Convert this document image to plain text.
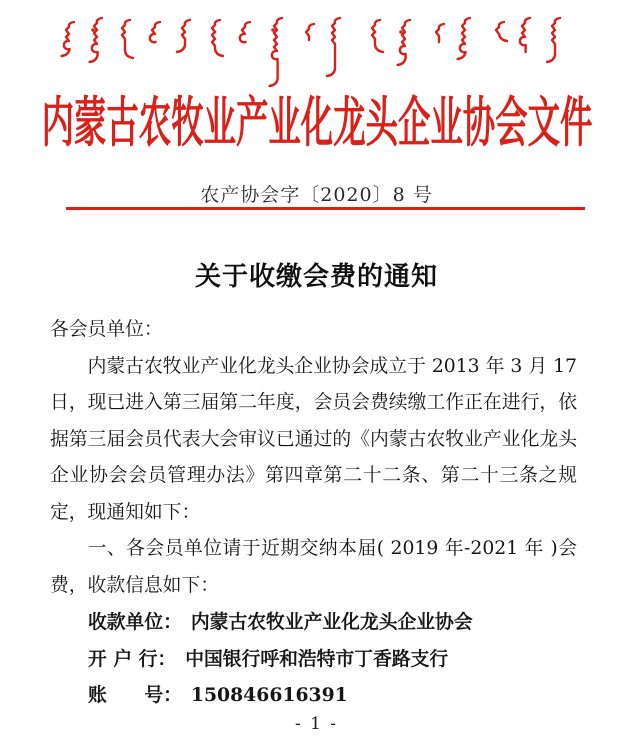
内蒙古农牧业产业化龙头企业协会文件
农产协会字〔2020〕8 号
关于收缴会费的通知

各会员单位：

内蒙古农牧业产业化龙头企业协会成立于 2013 年 3 月 17 日，现已进入第三届第二年度，会员会费续缴工作正在进行，依据第三届会员代表大会审议已通过的《内蒙古农牧业产业化龙头企业协会会员管理办法》第四章第二十二条、第二十三条之规定，现通知如下：

一、各会员单位请于近期交纳本届( 2019 年-2021 年 )会费，收款信息如下：

收款单位： 内蒙古农牧业产业化龙头企业协会
开 户 行： 中国银行呼和浩特市丁香路支行
账　　号： 150846616391
- 1 -
